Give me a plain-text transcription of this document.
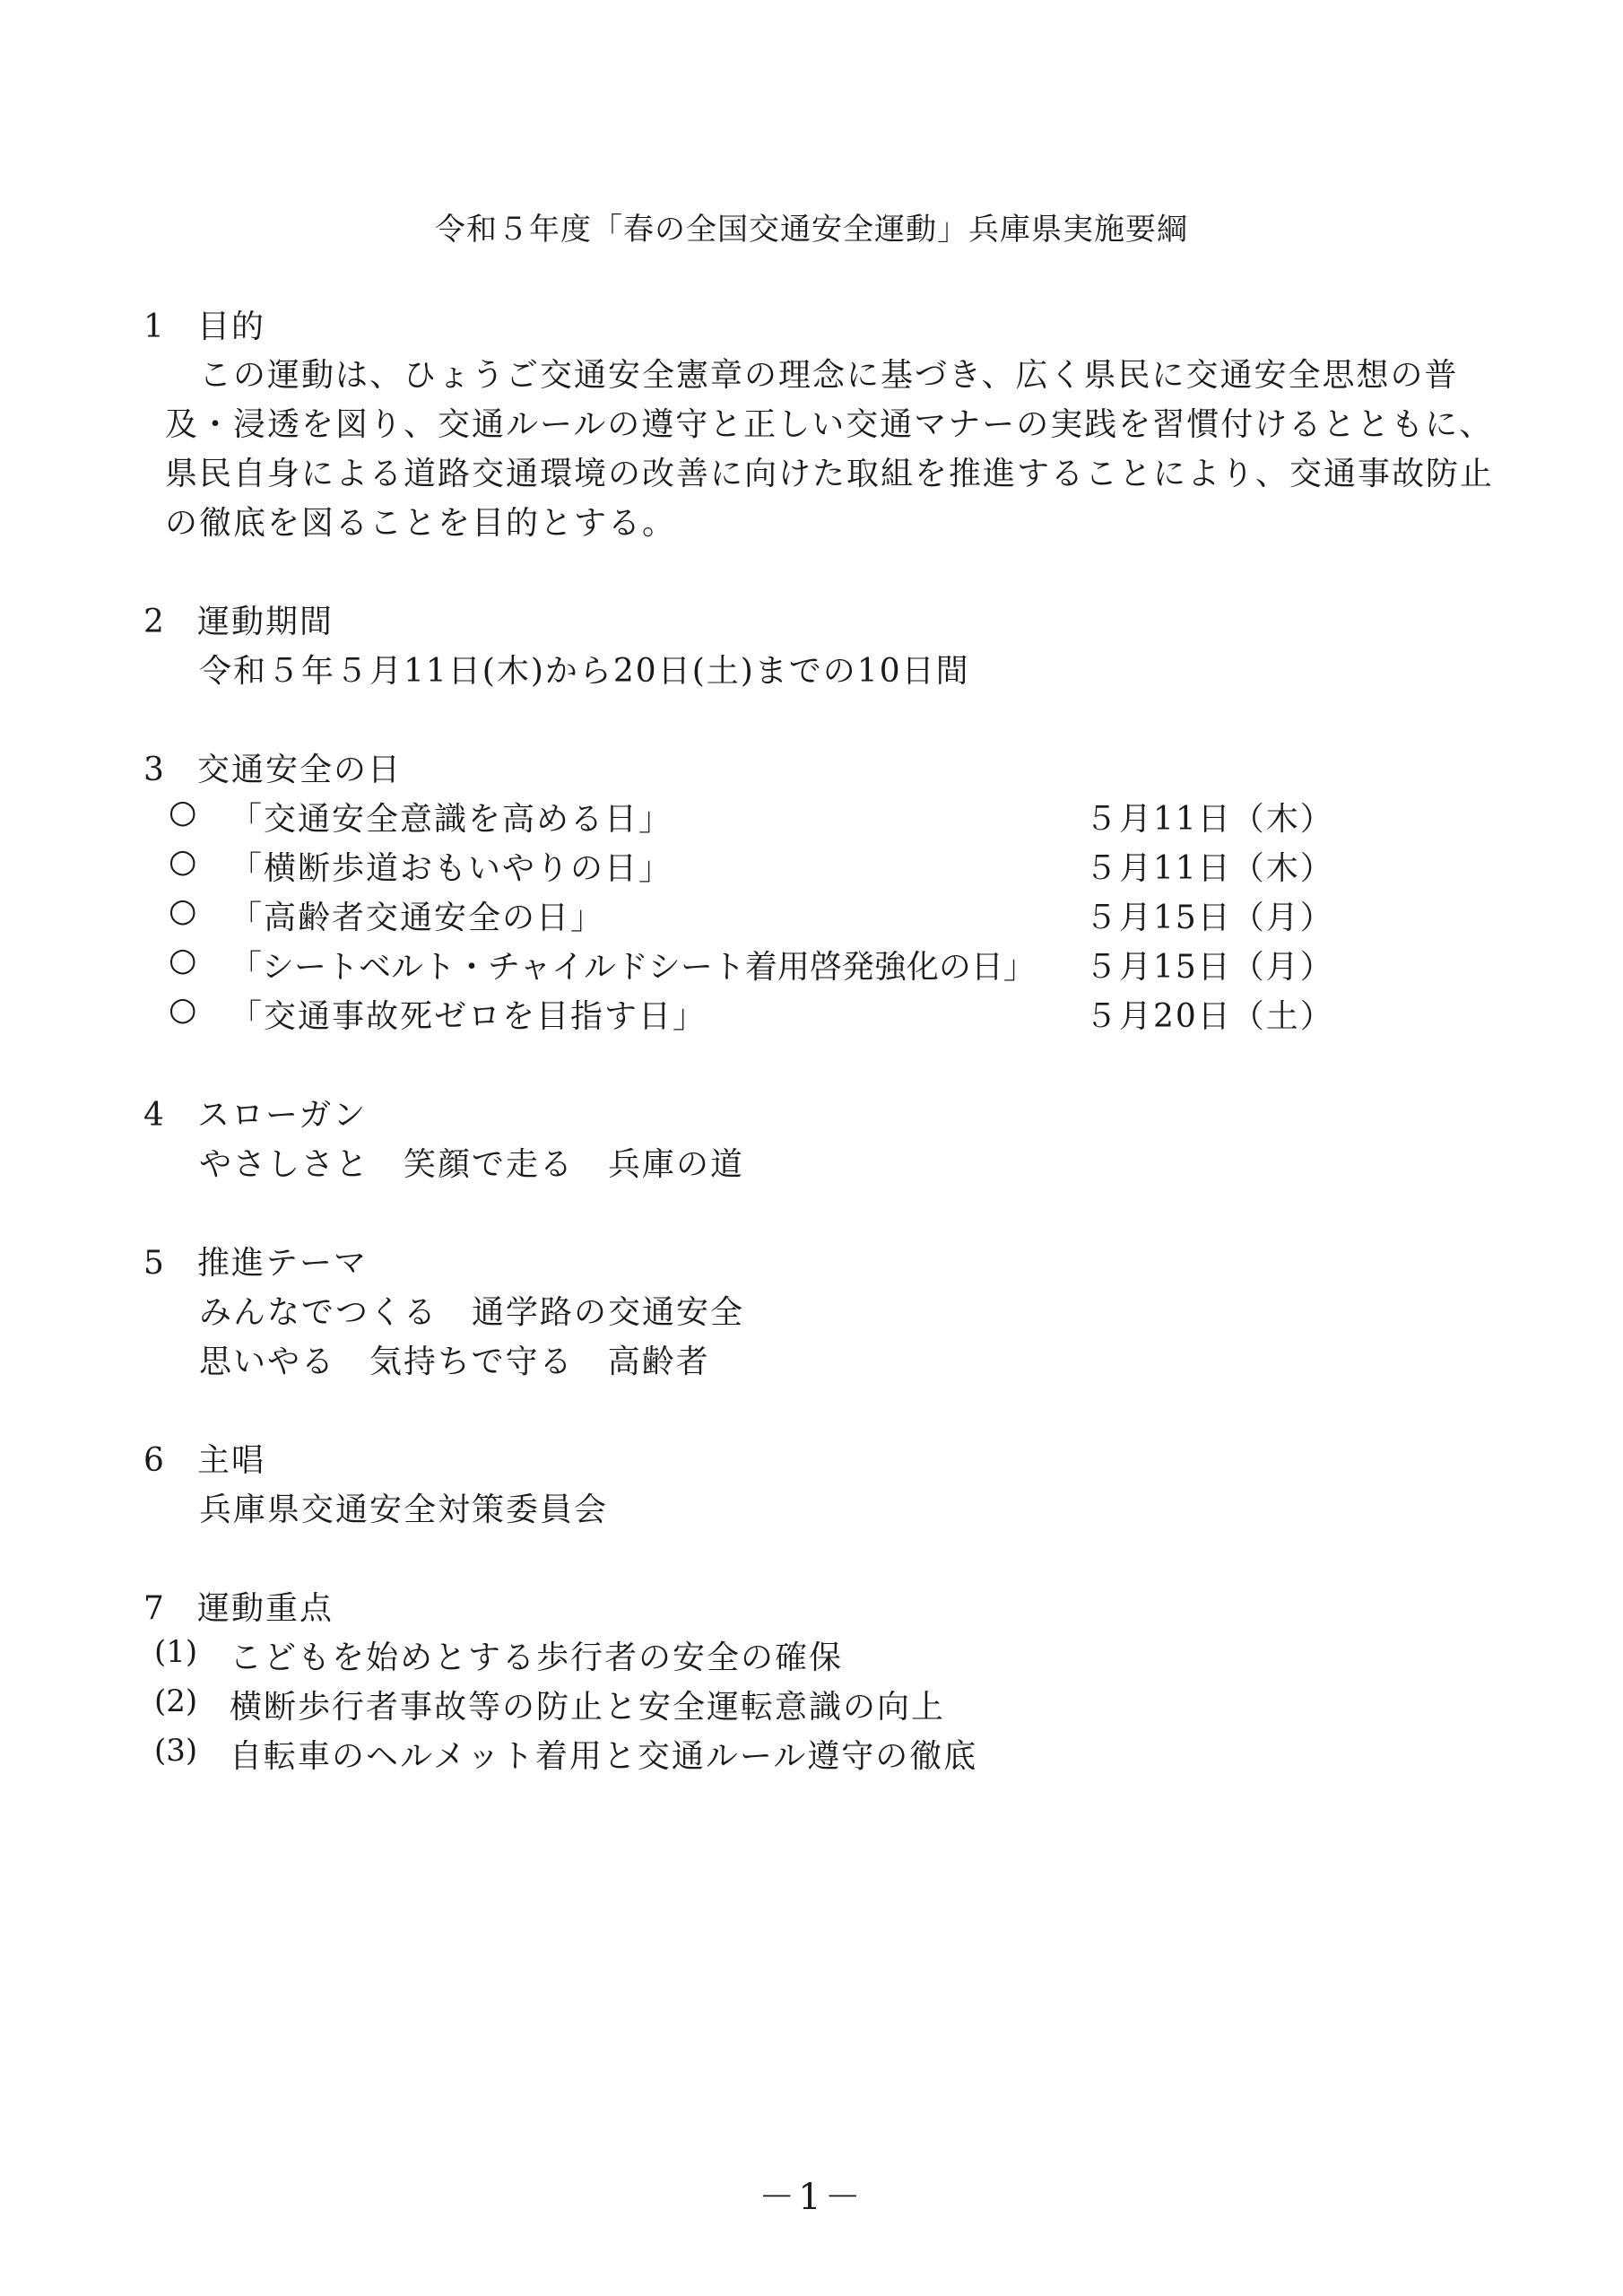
令和５年度「春の全国交通安全運動」兵庫県実施要綱
1 目的
この運動は、ひょうご交通安全憲章の理念に基づき、広く県民に交通安全思想の普
及・浸透を図り、交通ルールの遵守と正しい交通マナーの実践を習慣付けるとともに、
県民自身による道路交通環境の改善に向けた取組を推進することにより、交通事故防止
の徹底を図ることを目的とする。
2 運動期間
令和５年５月11日(木)から20日(土)までの10日間
3 交通安全の日
○ 「交通安全意識を高める日」	５月11日（木）
○ 「横断歩道おもいやりの日」	５月11日（木）
○ 「高齢者交通安全の日」	５月15日（月）
○ 「シートベルト・チャイルドシート着用啓発強化の日」 ５月15日（月）
○ 「交通事故死ゼロを目指す日」	５月20日（土）
4 スローガン
やさしさと　笑顔で走る　兵庫の道
5 推進テーマ
みんなでつくる　通学路の交通安全
思いやる　気持ちで守る　高齢者
6 主唱
兵庫県交通安全対策委員会
7 運動重点
(1) こどもを始めとする歩行者の安全の確保
(2) 横断歩行者事故等の防止と安全運転意識の向上
(3) 自転車のヘルメット着用と交通ルール遵守の徹底
－1－
